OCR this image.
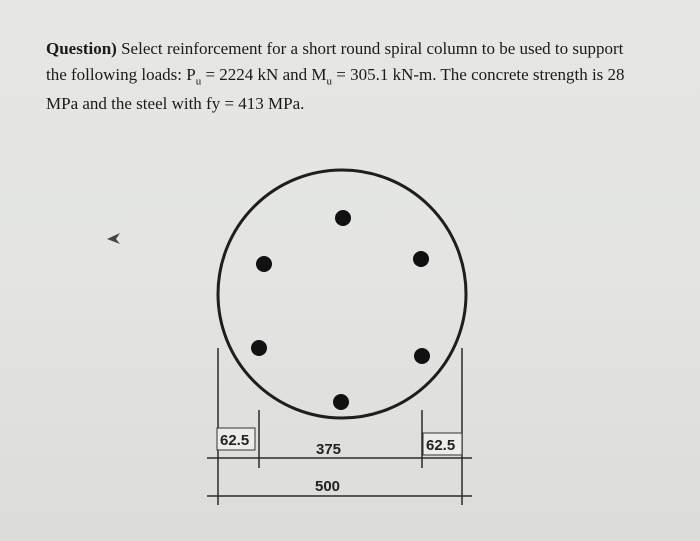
Question) Select reinforcement for a short round spiral column to be used to support
the following loads: $P_u = 2224$ kN and $M_u = 305.1$ kN-m. The concrete strength is 28
MPa and the steel with fy = 413 MPa.
62.5
375	62.5
500
